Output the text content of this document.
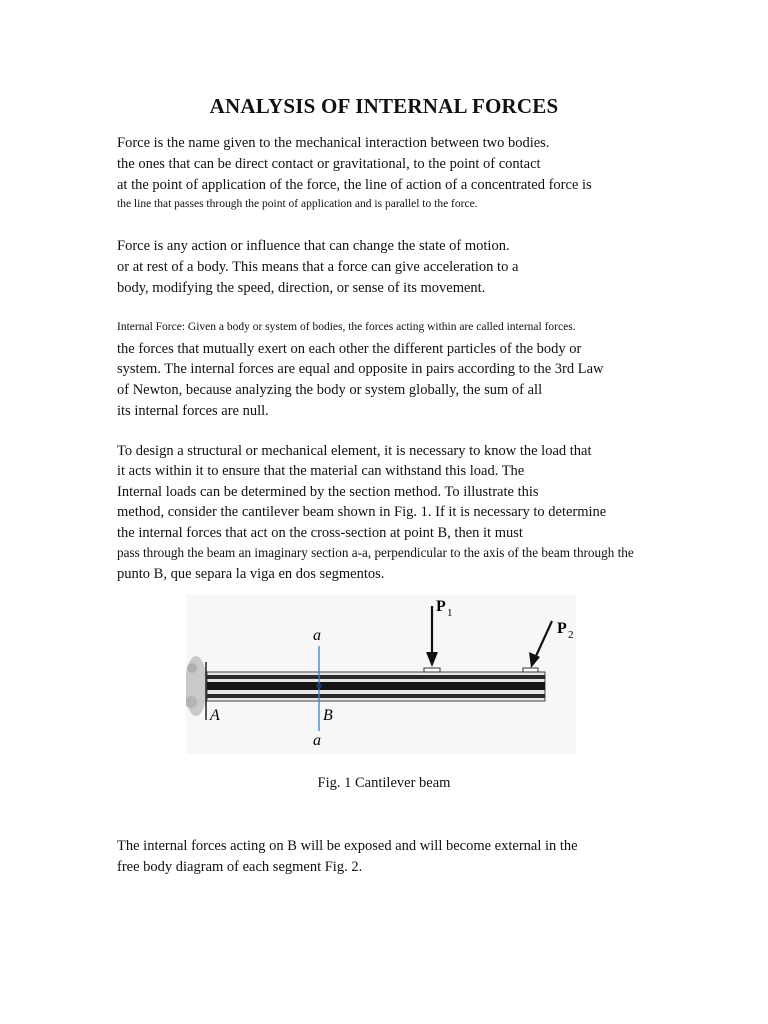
ANALYSIS OF INTERNAL FORCES

Force is the name given to the mechanical interaction between two bodies.

the ones that can be direct contact or gravitational, to the point of contact

at the point of application of the force, the line of action of a concentrated force is

the line that passes through the point of application and is parallel to the force.

Force is any action or influence that can change the state of motion.

or at rest of a body. This means that a force can give acceleration to a

body, modifying the speed, direction, or sense of its movement.

Internal Force: Given a body or system of bodies, the forces acting within are called internal forces.

the forces that mutually exert on each other the different particles of the body or

system. The internal forces are equal and opposite in pairs according to the 3rd Law

of Newton, because analyzing the body or system globally, the sum of all

its internal forces are null.

To design a structural or mechanical element, it is necessary to know the load that

it acts within it to ensure that the material can withstand this load. The

Internal loads can be determined by the section method. To illustrate this

method, consider the cantilever beam shown in Fig. 1. If it is necessary to determine

the internal forces that act on the cross-section at point B, then it must

pass through the beam an imaginary section a-a, perpendicular to the axis of the beam through the

punto B, que separa la viga en dos segmentos.

a
a
A	B
P 1
P 2

Fig. 1 Cantilever beam

The internal forces acting on B will be exposed and will become external in the

free body diagram of each segment Fig. 2.
